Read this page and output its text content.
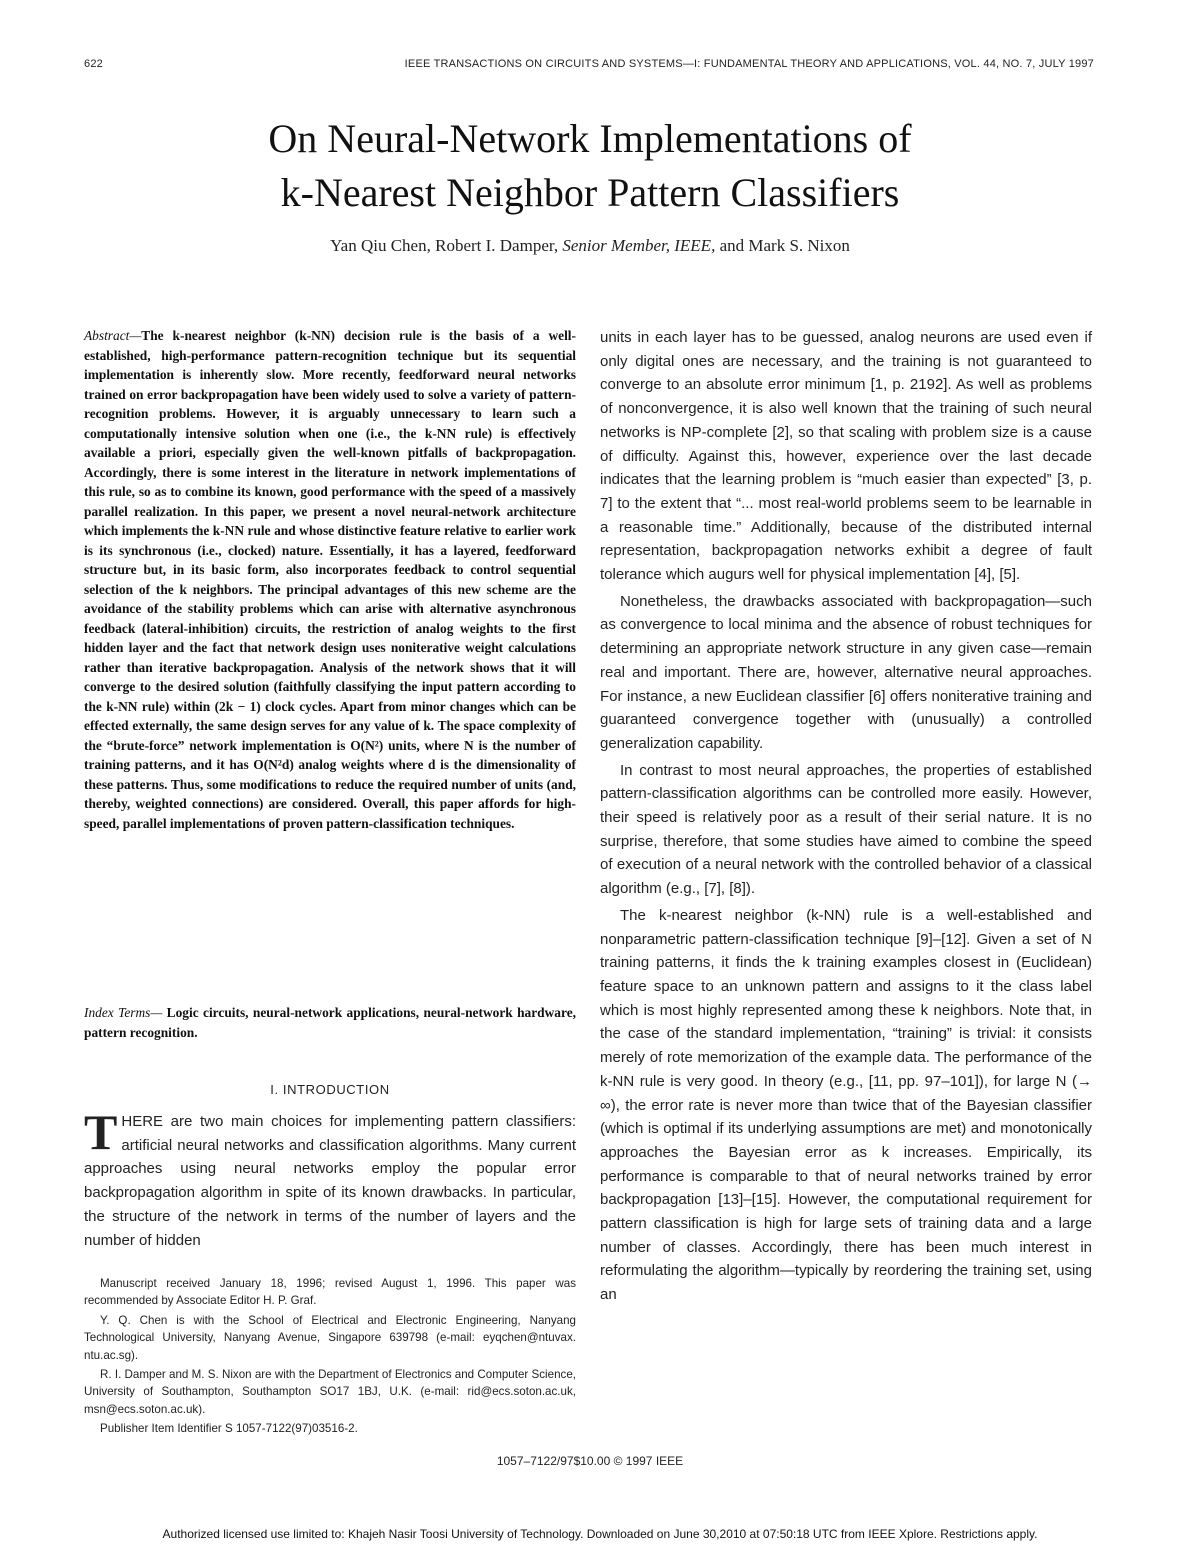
622	IEEE TRANSACTIONS ON CIRCUITS AND SYSTEMS—I: FUNDAMENTAL THEORY AND APPLICATIONS, VOL. 44, NO. 7, JULY 1997
On Neural-Network Implementations of
k-Nearest Neighbor Pattern Classifiers
Yan Qiu Chen, Robert I. Damper, Senior Member, IEEE, and Mark S. Nixon
Abstract—The k-nearest neighbor (k-NN) decision rule is the basis of a well-established, high-performance pattern-recognition technique but its sequential implementation is inherently slow. More recently, feedforward neural networks trained on error backpropagation have been widely used to solve a variety of pattern-recognition problems. However, it is arguably unnecessary to learn such a computationally intensive solution when one (i.e., the k-NN rule) is effectively available a priori, especially given the well-known pitfalls of backpropagation. Accordingly, there is some interest in the literature in network implementations of this rule, so as to combine its known, good performance with the speed of a massively parallel realization. In this paper, we present a novel neural-network architecture which implements the k-NN rule and whose distinctive feature relative to earlier work is its synchronous (i.e., clocked) nature. Essentially, it has a layered, feedforward structure but, in its basic form, also incorporates feedback to control sequential selection of the k neighbors. The principal advantages of this new scheme are the avoidance of the stability problems which can arise with alternative asynchronous feedback (lateral-inhibition) circuits, the restriction of analog weights to the first hidden layer and the fact that network design uses noniterative weight calculations rather than iterative backpropagation. Analysis of the network shows that it will converge to the desired solution (faithfully classifying the input pattern according to the k-NN rule) within (2k − 1) clock cycles. Apart from minor changes which can be effected externally, the same design serves for any value of k. The space complexity of the “brute-force” network implementation is O(N²) units, where N is the number of training patterns, and it has O(N²d) analog weights where d is the dimensionality of these patterns. Thus, some modifications to reduce the required number of units (and, thereby, weighted connections) are considered. Overall, this paper affords for high-speed, parallel implementations of proven pattern-classification techniques.
Index Terms— Logic circuits, neural-network applications, neural-network hardware, pattern recognition.
I. INTRODUCTION
THERE are two main choices for implementing pattern classifiers: artificial neural networks and classification algorithms. Many current approaches using neural networks employ the popular error backpropagation algorithm in spite of its known drawbacks. In particular, the structure of the network in terms of the number of layers and the number of hidden

Manuscript received January 18, 1996; revised August 1, 1996. This paper was recommended by Associate Editor H. P. Graf.

Y. Q. Chen is with the School of Electrical and Electronic Engineering, Nanyang Technological University, Nanyang Avenue, Singapore 639798 (e-mail: eyqchen@ntuvax. ntu.ac.sg).

R. I. Damper and M. S. Nixon are with the Department of Electronics and Computer Science, University of Southampton, Southampton SO17 1BJ, U.K. (e-mail: rid@ecs.soton.ac.uk, msn@ecs.soton.ac.uk).

Publisher Item Identifier S 1057-7122(97)03516-2.

units in each layer has to be guessed, analog neurons are used even if only digital ones are necessary, and the training is not guaranteed to converge to an absolute error minimum [1, p. 2192]. As well as problems of nonconvergence, it is also well known that the training of such neural networks is NP-complete [2], so that scaling with problem size is a cause of difficulty. Against this, however, experience over the last decade indicates that the learning problem is “much easier than expected” [3, p. 7] to the extent that “... most real-world problems seem to be learnable in a reasonable time.” Additionally, because of the distributed internal representation, backpropagation networks exhibit a degree of fault tolerance which augurs well for physical implementation [4], [5].

Nonetheless, the drawbacks associated with backpropagation—such as convergence to local minima and the absence of robust techniques for determining an appropriate network structure in any given case—remain real and important. There are, however, alternative neural approaches. For instance, a new Euclidean classifier [6] offers noniterative training and guaranteed convergence together with (unusually) a controlled generalization capability.

In contrast to most neural approaches, the properties of established pattern-classification algorithms can be controlled more easily. However, their speed is relatively poor as a result of their serial nature. It is no surprise, therefore, that some studies have aimed to combine the speed of execution of a neural network with the controlled behavior of a classical algorithm (e.g., [7], [8]).

The k-nearest neighbor (k-NN) rule is a well-established and nonparametric pattern-classification technique [9]–[12]. Given a set of N training patterns, it finds the k training examples closest in (Euclidean) feature space to an unknown pattern and assigns to it the class label which is most highly represented among these k neighbors. Note that, in the case of the standard implementation, “training” is trivial: it consists merely of rote memorization of the example data. The performance of the k-NN rule is very good. In theory (e.g., [11, pp. 97–101]), for large N (→ ∞), the error rate is never more than twice that of the Bayesian classifier (which is optimal if its underlying assumptions are met) and monotonically approaches the Bayesian error as k increases. Empirically, its performance is comparable to that of neural networks trained by error backpropagation [13]–[15]. However, the computational requirement for pattern classification is high for large sets of training data and a large number of classes. Accordingly, there has been much interest in reformulating the algorithm—typically by reordering the training set, using an

1057–7122/97$10.00 © 1997 IEEE
Authorized licensed use limited to: Khajeh Nasir Toosi University of Technology. Downloaded on June 30,2010 at 07:50:18 UTC from IEEE Xplore. Restrictions apply.
